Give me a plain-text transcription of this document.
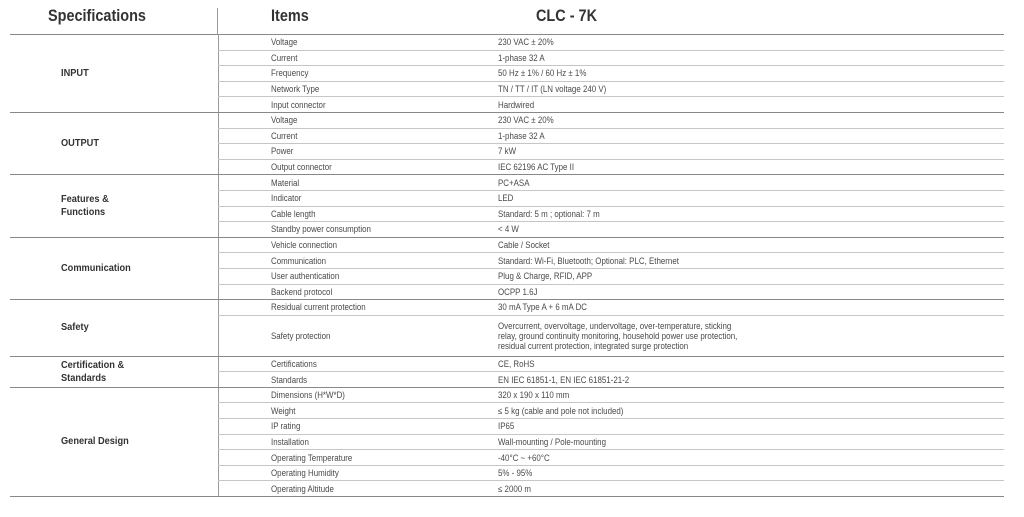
Specifications	Items	CLC - 7K
INPUT	Voltage	230 VAC ± 20%
	Current	1-phase 32 A
	Frequency	50 Hz ± 1% / 60 Hz ± 1%
	Network Type	TN / TT / IT (LN voltage 240 V)
	Input connector	Hardwired
OUTPUT	Voltage	230 VAC ± 20%
	Current	1-phase 32 A
	Power	7 kW
	Output connector	IEC 62196 AC Type II
Features &
Functions	Material	PC+ASA
	Indicator	LED
	Cable length	Standard: 5 m ; optional: 7 m
	Standby power consumption	< 4 W
Communication	Vehicle connection	Cable / Socket
	Communication	Standard: Wi-Fi, Bluetooth; Optional: PLC, Ethernet
	User authentication	Plug & Charge, RFID, APP
	Backend protocol	OCPP 1.6J
Safety	Residual current protection	30 mA Type A + 6 mA DC
	Safety protection	Overcurrent, overvoltage, undervoltage, over-temperature, sticking
relay, ground continuity monitoring, household power use protection,
residual current protection, integrated surge protection
Certification &
Standards	Certifications	CE, RoHS
	Standards	EN IEC 61851-1, EN IEC 61851-21-2
General Design	Dimensions (H*W*D)	320 x 190 x 110 mm
	Weight	≤ 5 kg (cable and pole not included)
	IP rating	IP65
	Installation	Wall-mounting / Pole-mounting
	Operating Temperature	-40°C ~ +60°C
	Operating Humidity	5% - 95%
	Operating Altitude	≤ 2000 m
